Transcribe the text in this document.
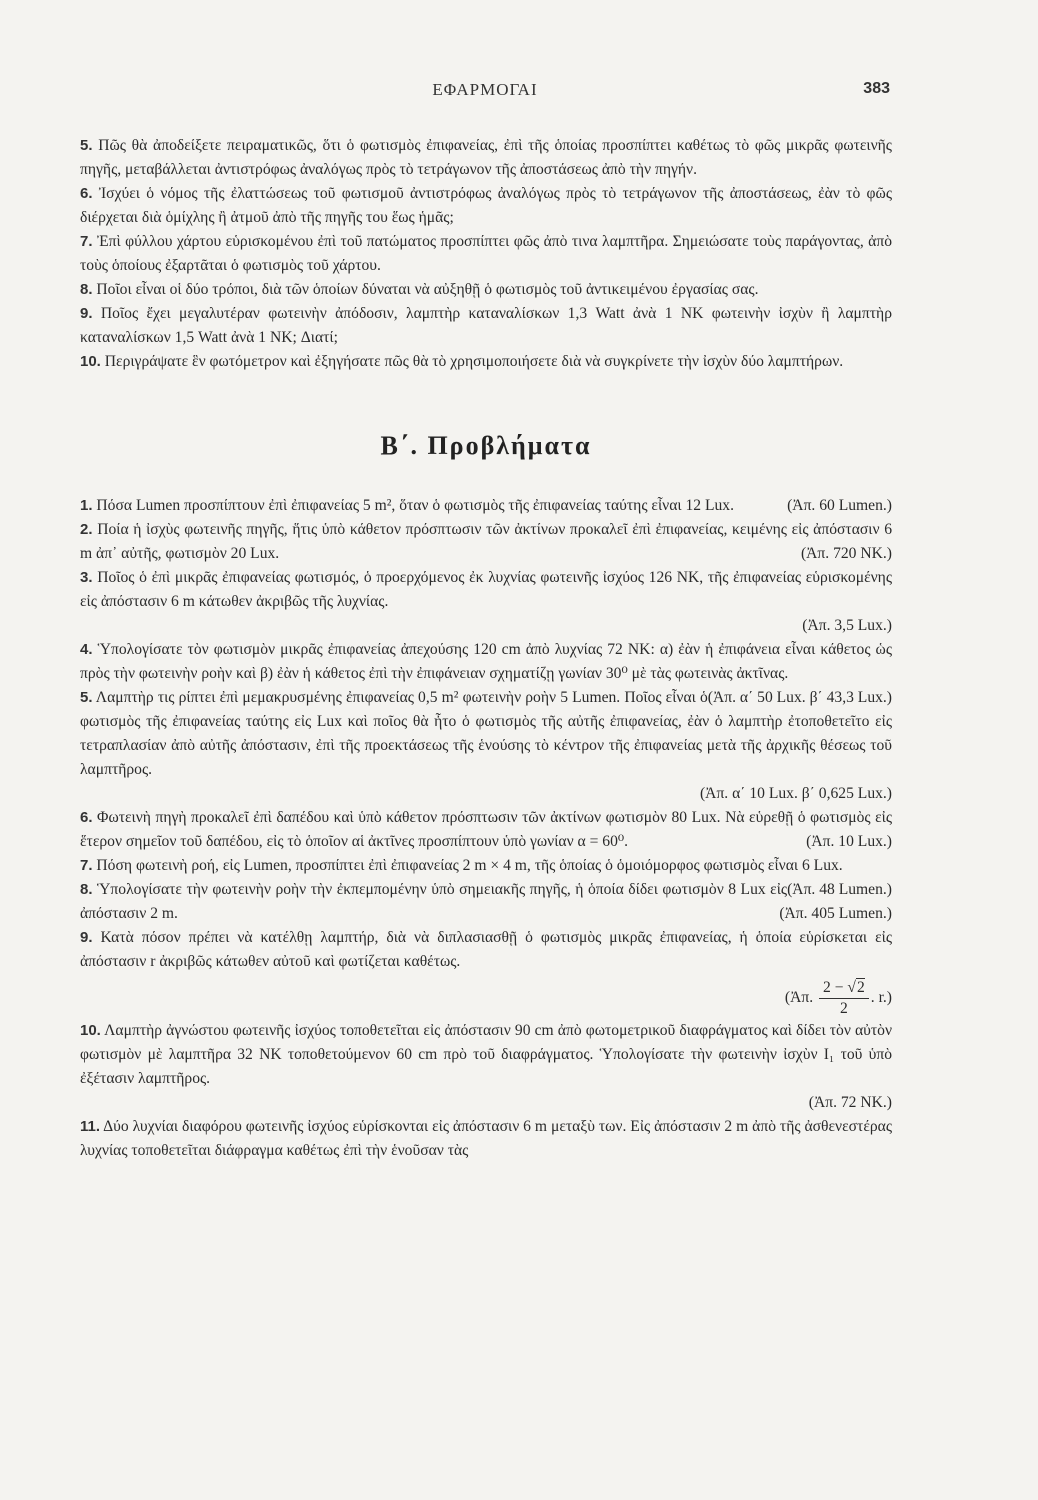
ΕΦΑΡΜΟΓΑΙ	383

5. Πῶς θὰ ἀποδείξετε πειραματικῶς, ὅτι ὁ φωτισμὸς ἐπιφανείας, ἐπὶ τῆς ὁποίας προσπίπτει καθέτως τὸ φῶς μικρᾶς φωτεινῆς πηγῆς, μεταβάλλεται ἀντιστρόφως ἀναλόγως πρὸς τὸ τετράγωνον τῆς ἀποστάσεως ἀπὸ τὴν πηγήν.

6. Ἰσχύει ὁ νόμος τῆς ἐλαττώσεως τοῦ φωτισμοῦ ἀντιστρόφως ἀναλόγως πρὸς τὸ τετράγωνον τῆς ἀποστάσεως, ἐὰν τὸ φῶς διέρχεται διὰ ὁμίχλης ἢ ἀτμοῦ ἀπὸ τῆς πηγῆς του ἕως ἡμᾶς;

7. Ἐπὶ φύλλου χάρτου εὑρισκομένου ἐπὶ τοῦ πατώματος προσπίπτει φῶς ἀπὸ τινα λαμπτῆρα. Σημειώσατε τοὺς παράγοντας, ἀπὸ τοὺς ὁποίους ἐξαρτᾶται ὁ φωτισμὸς τοῦ χάρτου.

8. Ποῖοι εἶναι οἱ δύο τρόποι, διὰ τῶν ὁποίων δύναται νὰ αὐξηθῇ ὁ φωτισμὸς τοῦ ἀντικειμένου ἐργασίας σας.

9. Ποῖος ἔχει μεγαλυτέραν φωτεινὴν ἀπόδοσιν, λαμπτὴρ καταναλίσκων 1,3 Watt ἀνὰ 1 NK φωτεινὴν ἰσχὺν ἢ λαμπτὴρ καταναλίσκων 1,5 Watt ἀνὰ 1 NK; Διατί;

10. Περιγράψατε ἓν φωτόμετρον καὶ ἐξηγήσατε πῶς θὰ τὸ χρησιμοποιήσετε διὰ νὰ συγκρίνετε τὴν ἰσχὺν δύο λαμπτήρων.

Β΄. Προβλήματα

1. Πόσα Lumen προσπίπτουν ἐπὶ ἐπιφανείας 5 m², ὅταν ὁ φωτισμὸς τῆς ἐπιφανείας ταύτης εἶναι 12 Lux.	(Ἀπ. 60 Lumen.)

2. Ποία ἡ ἰσχὺς φωτεινῆς πηγῆς, ἥτις ὑπὸ κάθετον πρόσπτωσιν τῶν ἀκτίνων προκαλεῖ ἐπὶ ἐπιφανείας, κειμένης εἰς ἀπόστασιν 6 m ἀπ᾽ αὐτῆς, φωτισμὸν 20 Lux.	(Ἀπ. 720 NK.)

3. Ποῖος ὁ ἐπὶ μικρᾶς ἐπιφανείας φωτισμός, ὁ προερχόμενος ἐκ λυχνίας φωτεινῆς ἰσχύος 126 NK, τῆς ἐπιφανείας εὑρισκομένης εἰς ἀπόστασιν 6 m κάτωθεν ἀκριβῶς τῆς λυχνίας.
(Ἀπ. 3,5 Lux.)

4. Ὑπολογίσατε τὸν φωτισμὸν μικρᾶς ἐπιφανείας ἀπεχούσης 120 cm ἀπὸ λυχνίας 72 NK: α) ἐὰν ἡ ἐπιφάνεια εἶναι κάθετος ὡς πρὸς τὴν φωτεινὴν ροὴν καὶ β) ἐὰν ἡ κάθετος ἐπὶ τὴν ἐπιφάνειαν σχηματίζῃ γωνίαν 30⁰ μὲ τὰς φωτεινὰς ἀκτῖνας.
(Ἀπ. α΄ 50 Lux. β΄ 43,3 Lux.)

5. Λαμπτὴρ τις ρίπτει ἐπὶ μεμακρυσμένης ἐπιφανείας 0,5 m² φωτεινὴν ροὴν 5 Lumen. Ποῖος εἶναι ὁ φωτισμὸς τῆς ἐπιφανείας ταύτης εἰς Lux καὶ ποῖος θὰ ἦτο ὁ φωτισμὸς τῆς αὐτῆς ἐπιφανείας, ἐὰν ὁ λαμπτὴρ ἐτοποθετεῖτο εἰς τετραπλασίαν ἀπὸ αὐτῆς ἀπόστασιν, ἐπὶ τῆς προεκτάσεως τῆς ἑνούσης τὸ κέντρον τῆς ἐπιφανείας μετὰ τῆς ἀρχικῆς θέσεως τοῦ λαμπτῆρος.
(Ἀπ. α΄ 10 Lux. β΄ 0,625 Lux.)

6. Φωτεινὴ πηγὴ προκαλεῖ ἐπὶ δαπέδου καὶ ὑπὸ κάθετον πρόσπτωσιν τῶν ἀκτίνων φωτισμὸν 80 Lux. Νὰ εὑρεθῇ ὁ φωτισμὸς εἰς ἕτερον σημεῖον τοῦ δαπέδου, εἰς τὸ ὁποῖον αἱ ἀκτῖνες προσπίπτουν ὑπὸ γωνίαν α = 60⁰.	(Ἀπ. 10 Lux.)

7. Πόση φωτεινὴ ροή, εἰς Lumen, προσπίπτει ἐπὶ ἐπιφανείας 2 m × 4 m, τῆς ὁποίας ὁ ὁμοιόμορφος φωτισμὸς εἶναι 6 Lux.
(Ἀπ. 48 Lumen.)

8. Ὑπολογίσατε τὴν φωτεινὴν ροὴν τὴν ἐκπεμπομένην ὑπὸ σημειακῆς πηγῆς, ἡ ὁποία δίδει φωτισμὸν 8 Lux εἰς ἀπόστασιν 2 m.	(Ἀπ. 405 Lumen.)

9. Κατὰ πόσον πρέπει νὰ κατέλθῃ λαμπτήρ, διὰ νὰ διπλασιασθῇ ὁ φωτισμὸς μικρᾶς ἐπιφανείας, ἡ ὁποία εὑρίσκεται εἰς ἀπόστασιν r ἀκριβῶς κάτωθεν αὐτοῦ καὶ φωτίζεται καθέτως.
(Ἀπ. $\frac{2 - √2}{2}$ . r.)

10. Λαμπτὴρ ἀγνώστου φωτεινῆς ἰσχύος τοποθετεῖται εἰς ἀπόστασιν 90 cm ἀπὸ φωτομετρικοῦ διαφράγματος καὶ δίδει τὸν αὐτὸν φωτισμὸν μὲ λαμπτῆρα 32 NK τοποθετούμενον 60 cm πρὸ τοῦ διαφράγματος. Ὑπολογίσατε τὴν φωτεινὴν ἰσχὺν I₁ τοῦ ὑπὸ ἐξέτασιν λαμπτῆρος.
(Ἀπ. 72 NK.)

11. Δύο λυχνίαι διαφόρου φωτεινῆς ἰσχύος εὑρίσκονται εἰς ἀπόστασιν 6 m μεταξὺ των. Εἰς ἀπόστασιν 2 m ἀπὸ τῆς ἀσθενεστέρας λυχνίας τοποθετεῖται διάφραγμα καθέτως ἐπὶ τὴν ἑνοῦσαν τὰς
